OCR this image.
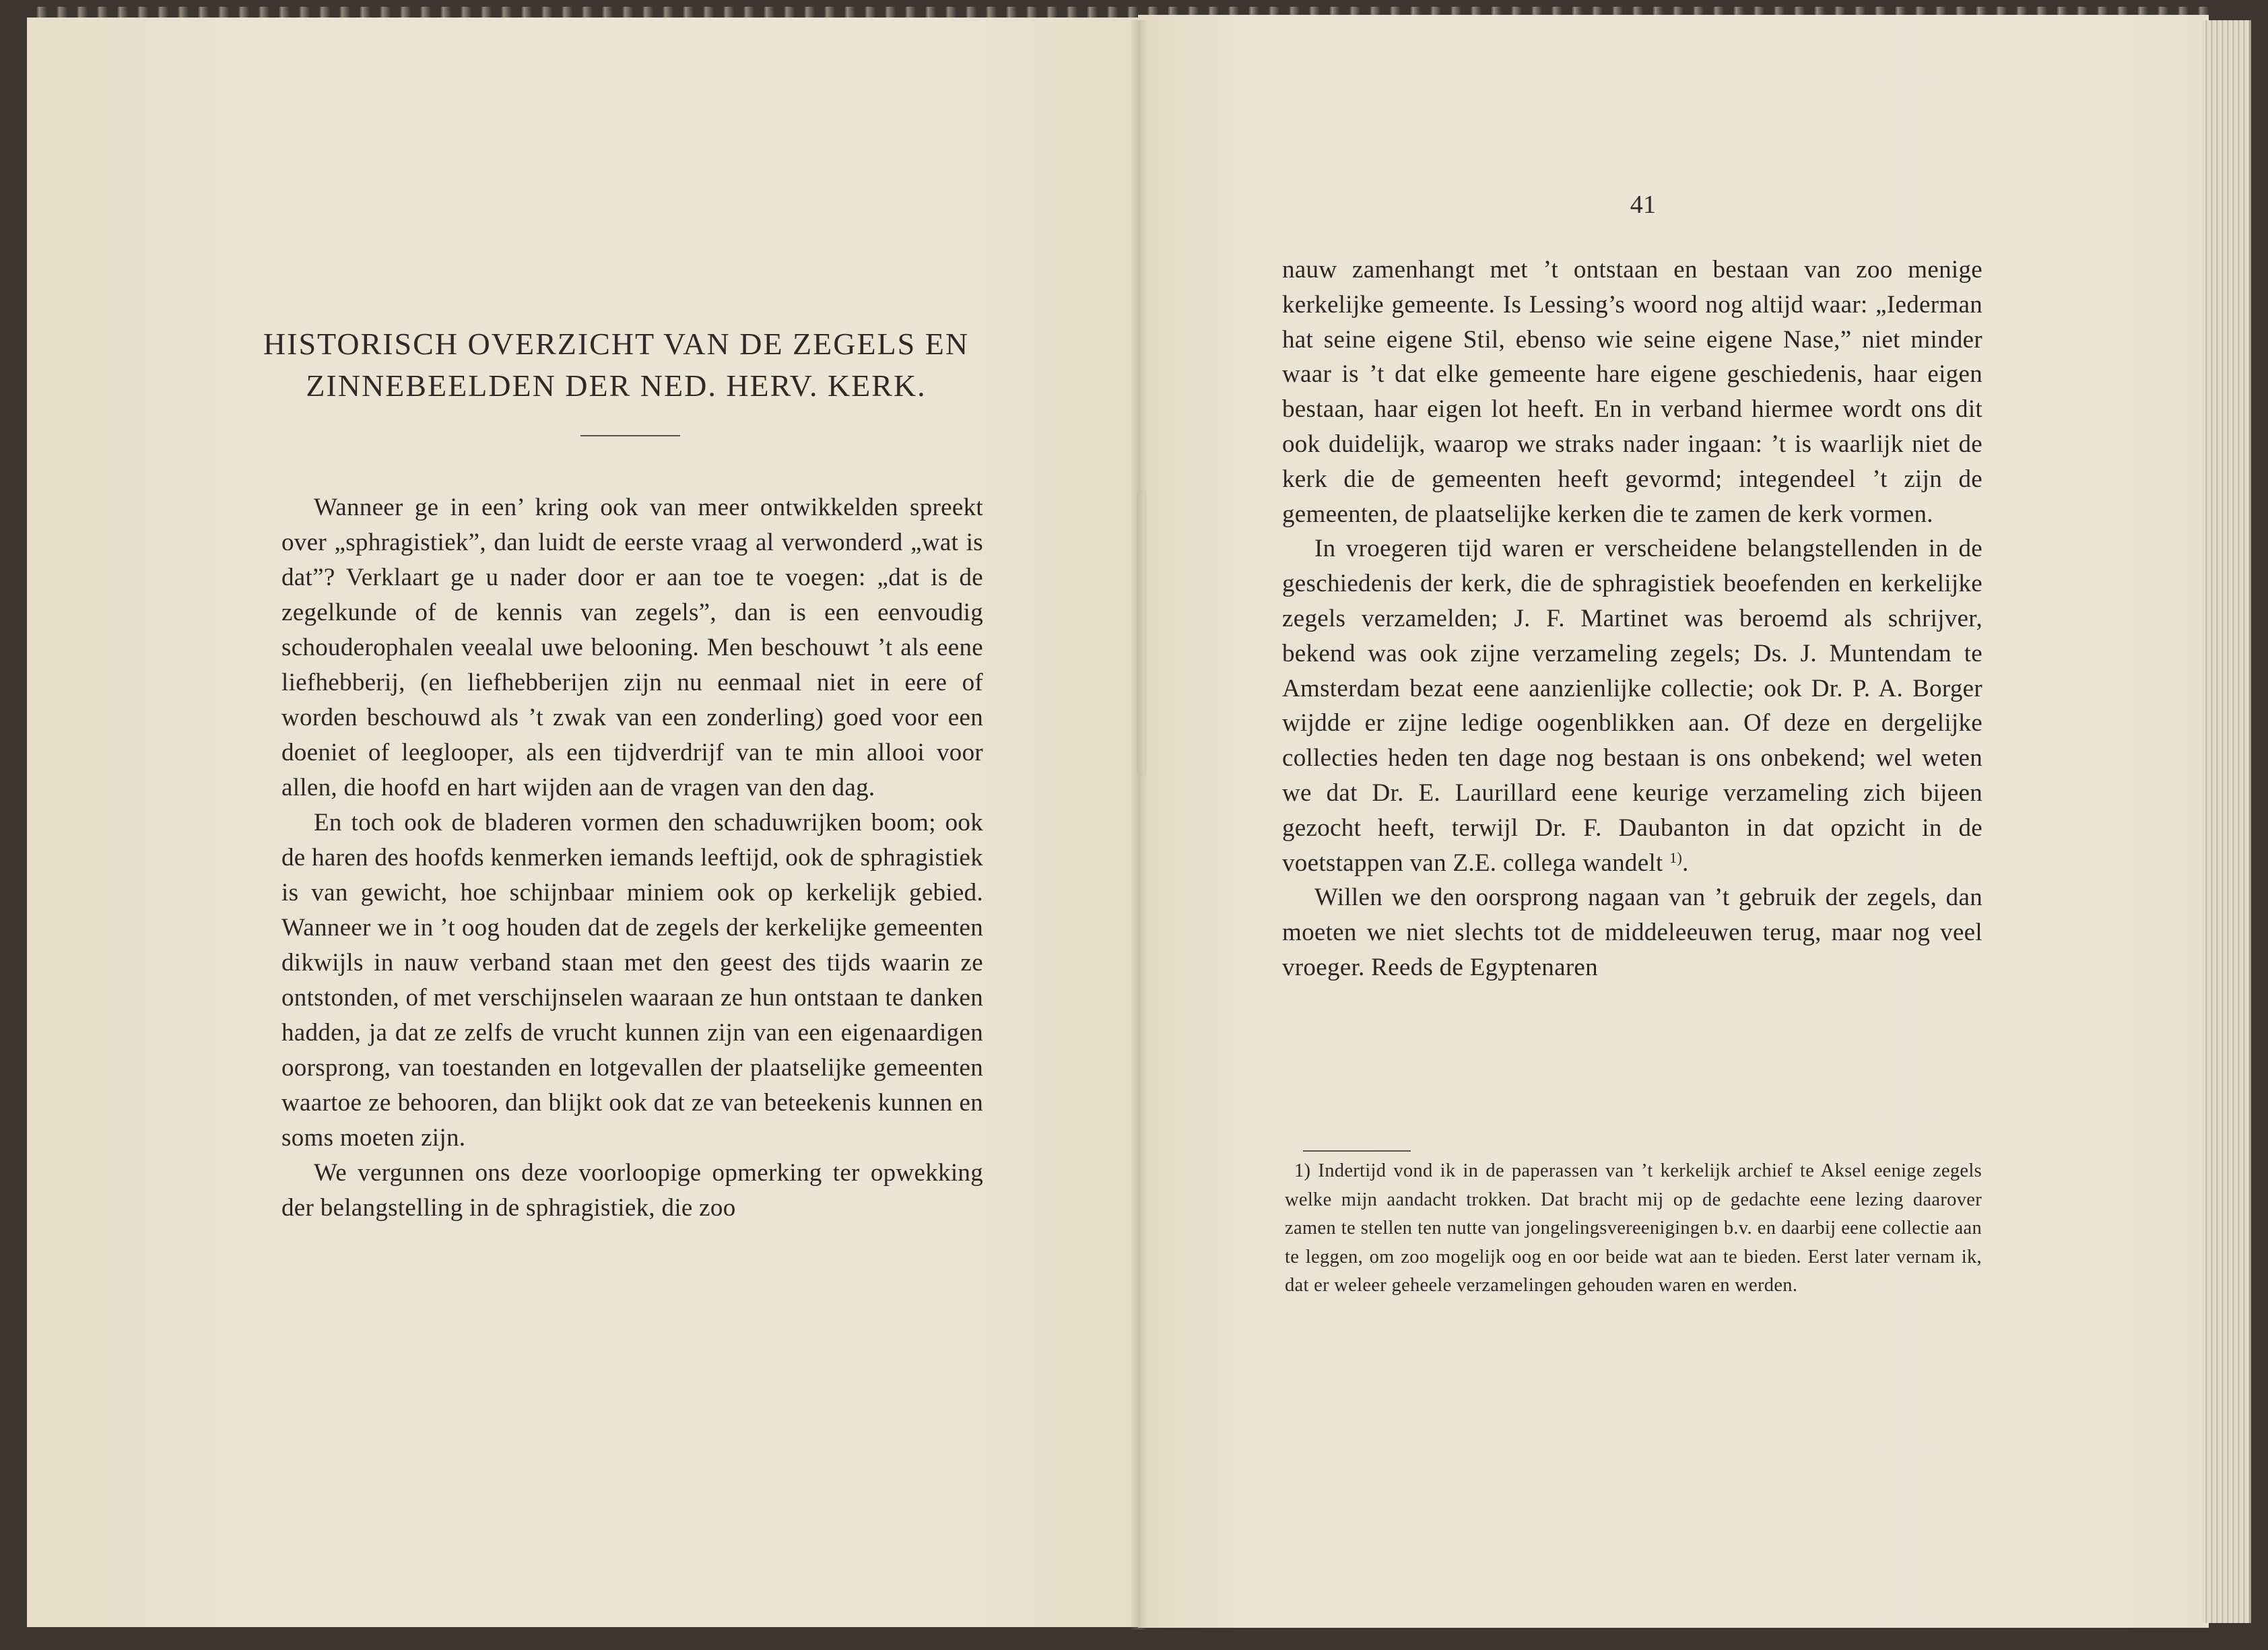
HISTORISCH OVERZICHT VAN DE ZEGELS EN
ZINNEBEELDEN DER NED. HERV. KERK.

Wanneer ge in een’ kring ook van meer ontwikkelden spreekt over „sphragistiek”, dan luidt de eerste vraag al verwonderd „wat is dat”? Verklaart ge u nader door er aan toe te voegen: „dat is de zegelkunde of de kennis van zegels”, dan is een eenvoudig schouderophalen veealal uwe belooning. Men beschouwt ’t als eene liefhebberij, (en liefhebberijen zijn nu eenmaal niet in eere of worden beschouwd als ’t zwak van een zonderling) goed voor een doeniet of leeglooper, als een tijdverdrijf van te min allooi voor allen, die hoofd en hart wijden aan de vragen van den dag.

En toch ook de bladeren vormen den schaduwrijken boom; ook de haren des hoofds kenmerken iemands leeftijd, ook de sphragistiek is van gewicht, hoe schijnbaar miniem ook op kerkelijk gebied. Wanneer we in ’t oog houden dat de zegels der kerkelijke gemeenten dikwijls in nauw verband staan met den geest des tijds waarin ze ontstonden, of met verschijnselen waaraan ze hun ontstaan te danken hadden, ja dat ze zelfs de vrucht kunnen zijn van een eigenaardigen oorsprong, van toestanden en lotgevallen der plaatselijke gemeenten waartoe ze behooren, dan blijkt ook dat ze van beteekenis kunnen en soms moeten zijn.

We vergunnen ons deze voorloopige opmerking ter opwekking der belangstelling in de sphragistiek, die zoo

41

nauw zamenhangt met ’t ontstaan en bestaan van zoo menige kerkelijke gemeente. Is Lessing’s woord nog altijd waar: „Iederman hat seine eigene Stil, ebenso wie seine eigene Nase,” niet minder waar is ’t dat elke gemeente hare eigene geschiedenis, haar eigen bestaan, haar eigen lot heeft. En in verband hiermee wordt ons dit ook duidelijk, waarop we straks nader ingaan: ’t is waarlijk niet de kerk die de gemeenten heeft gevormd; integendeel ’t zijn de gemeenten, de plaatselijke kerken die te zamen de kerk vormen.

In vroegeren tijd waren er verscheidene belangstellenden in de geschiedenis der kerk, die de sphragistiek beoefenden en kerkelijke zegels verzamelden; J. F. Martinet was beroemd als schrijver, bekend was ook zijne verzameling zegels; Ds. J. Muntendam te Amsterdam bezat eene aanzienlijke collectie; ook Dr. P. A. Borger wijdde er zijne ledige oogenblikken aan. Of deze en dergelijke collecties heden ten dage nog bestaan is ons onbekend; wel weten we dat Dr. E. Laurillard eene keurige verzameling zich bijeen gezocht heeft, terwijl Dr. F. Daubanton in dat opzicht in de voetstappen van Z.E. collega wandelt $^{1)}$.

Willen we den oorsprong nagaan van ’t gebruik der zegels, dan moeten we niet slechts tot de middeleeuwen terug, maar nog veel vroeger. Reeds de Egyptenaren

1) Indertijd vond ik in de paperassen van ’t kerkelijk archief te Aksel eenige zegels welke mijn aandacht trokken. Dat bracht mij op de gedachte eene lezing daarover zamen te stellen ten nutte van jongelingsvereenigingen b.v. en daarbij eene collectie aan te leggen, om zoo mogelijk oog en oor beide wat aan te bieden. Eerst later vernam ik, dat er weleer geheele verzamelingen gehouden waren en werden.
